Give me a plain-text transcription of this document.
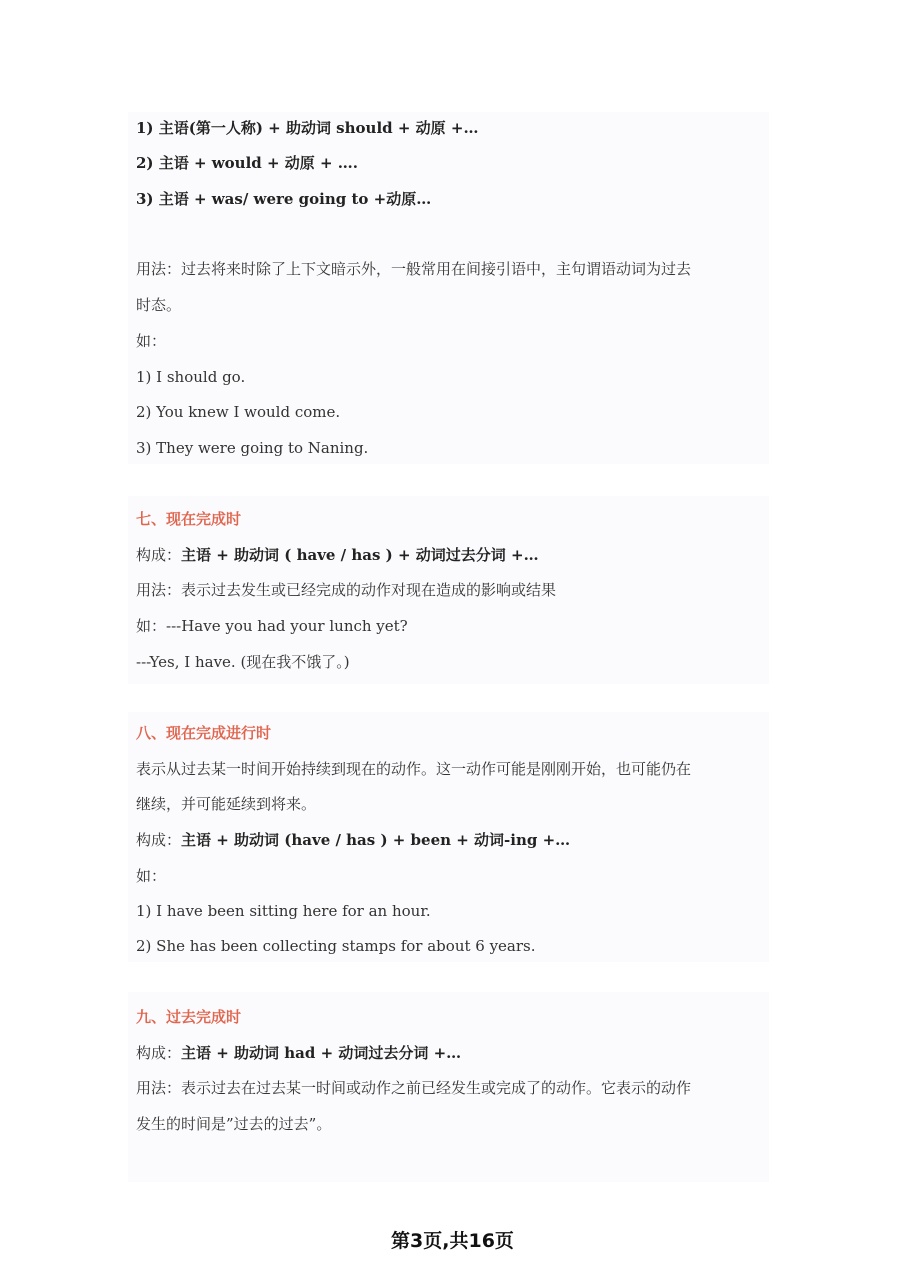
1) 主语(第一人称) + 助动词 should + 动原 +…
2) 主语 + would + 动原 + ….
3) 主语 + was/ were going to +动原…
用法：过去将来时除了上下文暗示外，一般常用在间接引语中，主句谓语动词为过去
时态。
如：
1) I should go.
2) You knew I would come.
3) They were going to Naning.
七、现在完成时
构成：主语 + 助动词 ( have / has ) + 动词过去分词 +…
用法：表示过去发生或已经完成的动作对现在造成的影响或结果
如：---Have you had your lunch yet?
---Yes, I have. (现在我不饿了。)
八、现在完成进行时
表示从过去某一时间开始持续到现在的动作。这一动作可能是刚刚开始，也可能仍在
继续，并可能延续到将来。
构成：主语 + 助动词 (have / has ) + been + 动词-ing +…
如：
1) I have been sitting here for an hour.
2) She has been collecting stamps for about 6 years.
九、过去完成时
构成：主语 + 助动词 had + 动词过去分词 +…
用法：表示过去在过去某一时间或动作之前已经发生或完成了的动作。它表示的动作
发生的时间是”过去的过去”。
第3页,共16页
